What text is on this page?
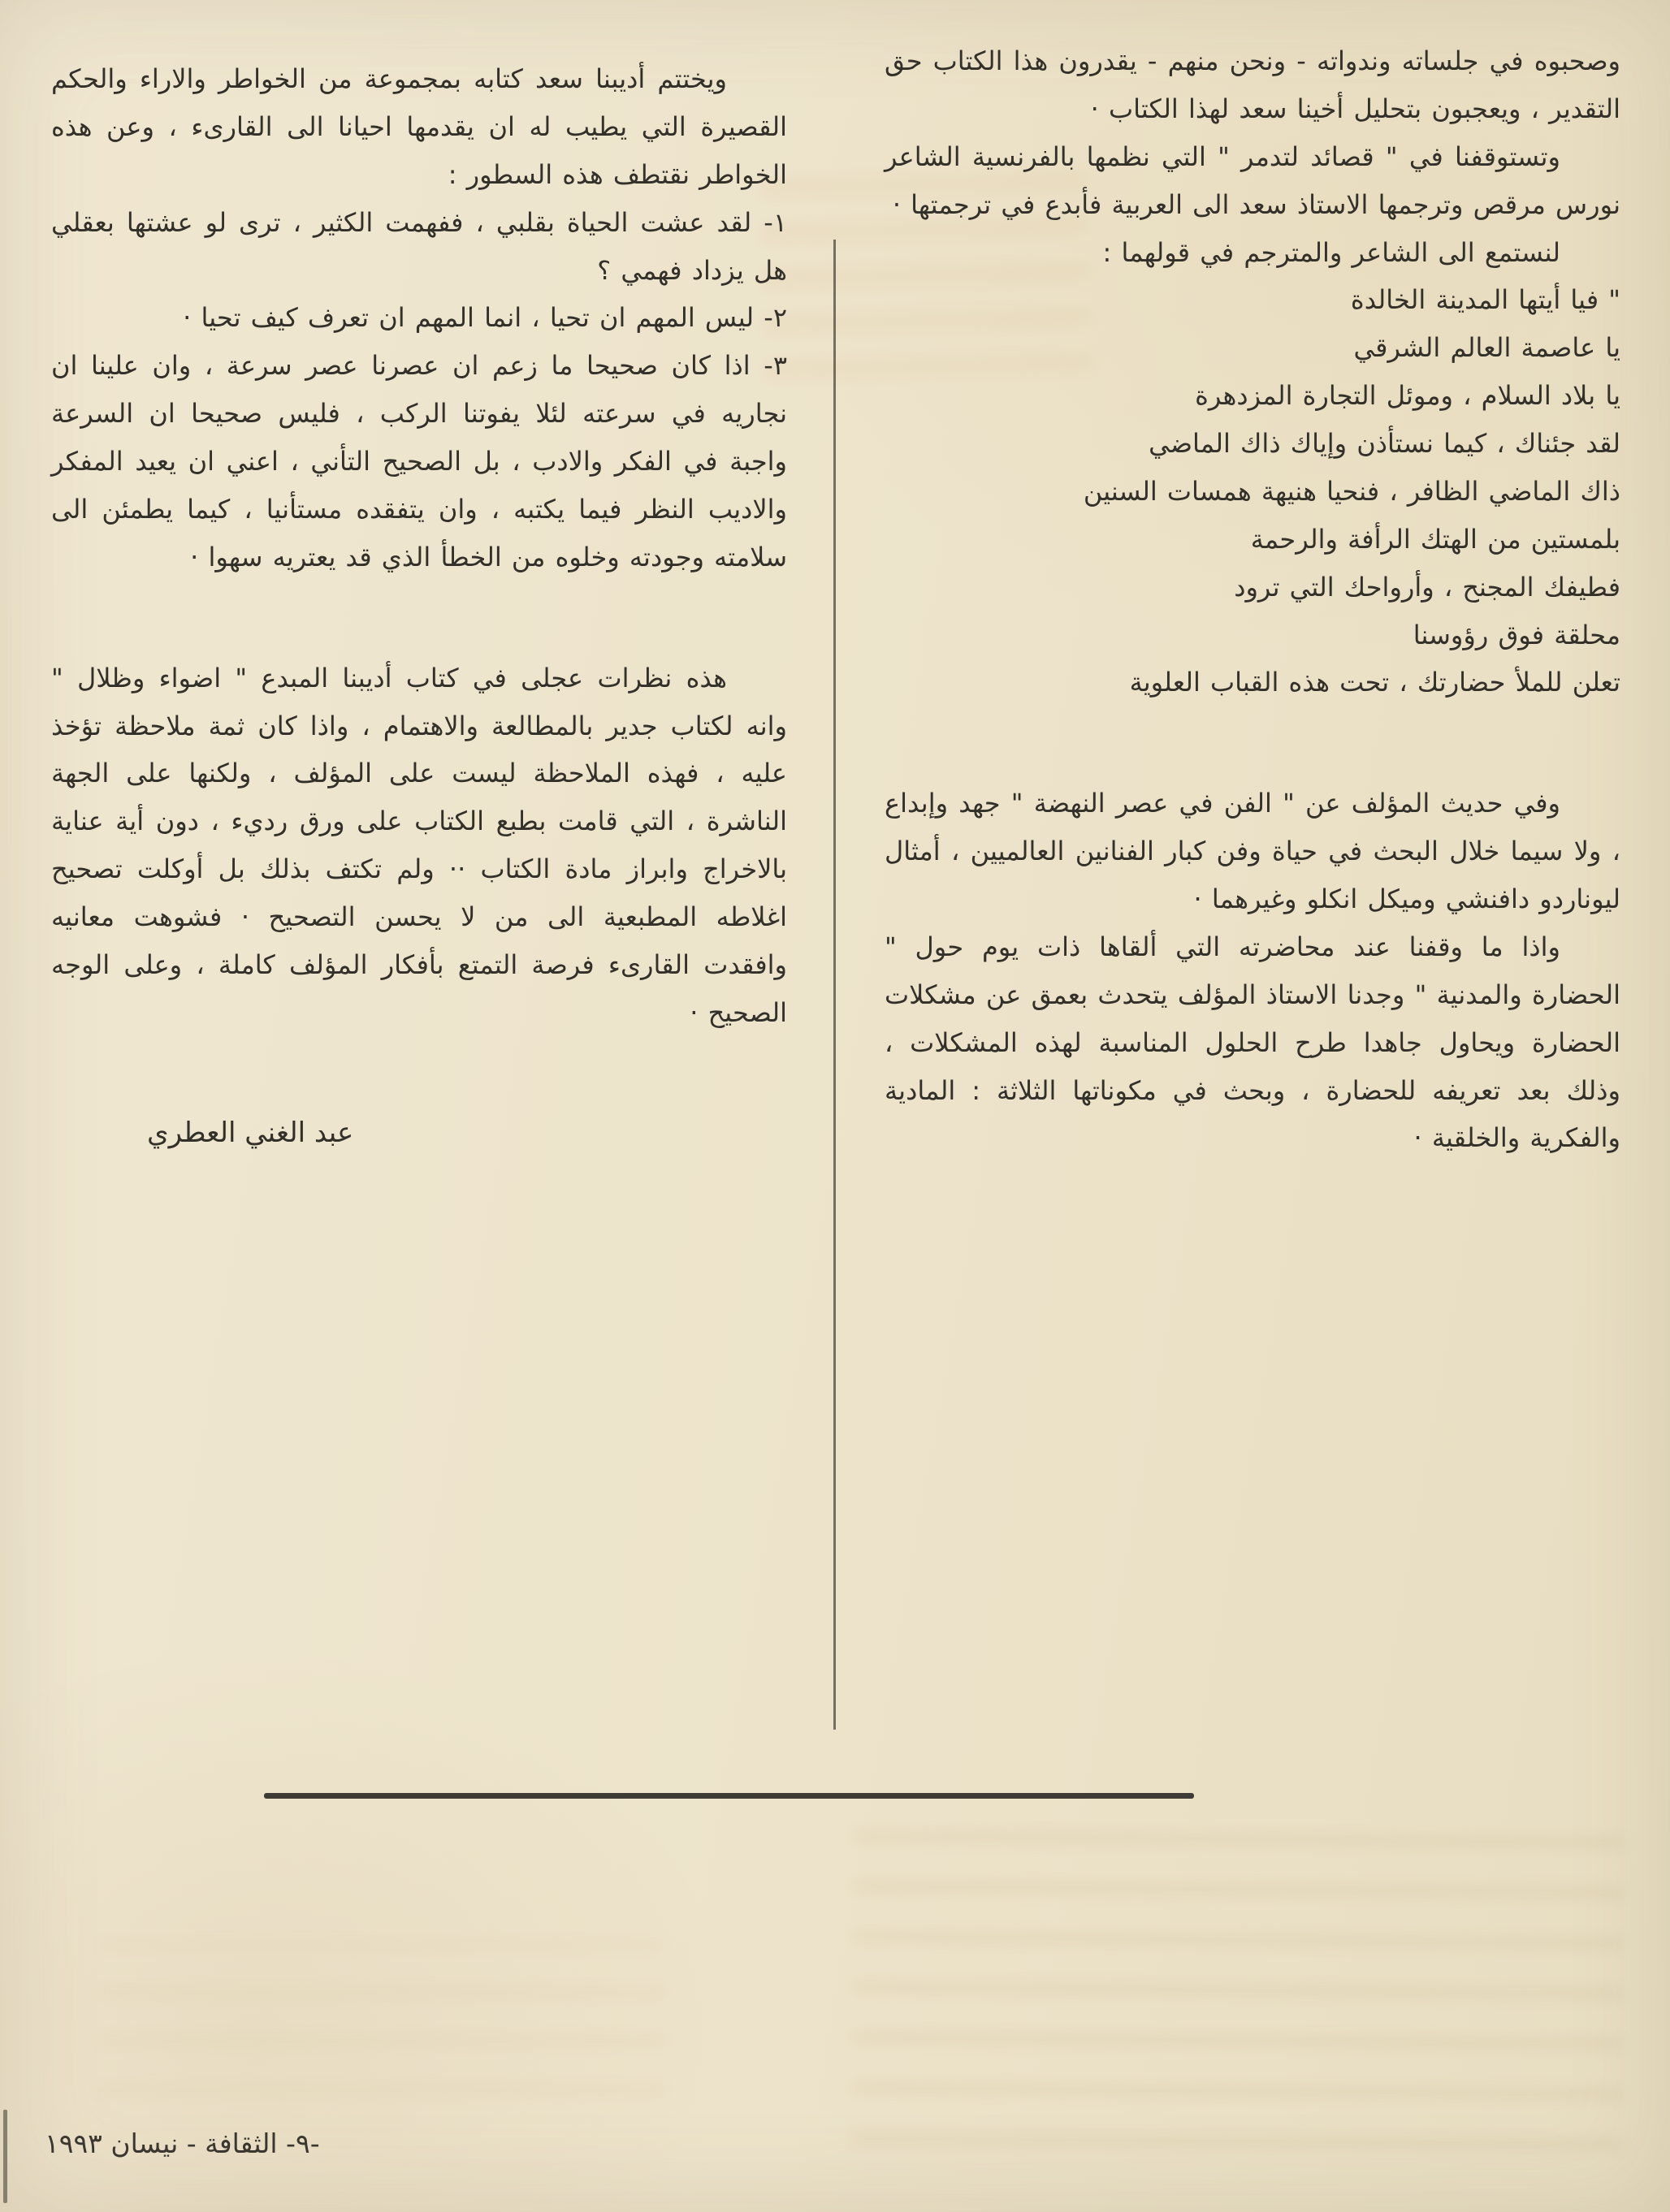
وصحبوه في جلساته وندواته - ونحن منهم - يقدرون هذا الكتاب حق التقدير ، ويعجبون بتحليل أخينا سعد لهذا الكتاب ·
وتستوقفنا في " قصائد لتدمر " التي نظمها بالفرنسية الشاعر نورس مرقص وترجمها الاستاذ سعد الى العربية فأبدع في ترجمتها ·
لنستمع الى الشاعر والمترجم في قولهما :
" فيا أيتها المدينة الخالدة
يا عاصمة العالم الشرقي
يا بلاد السلام ، وموئل التجارة المزدهرة
لقد جئناك ، كيما نستأذن وإياك ذاك الماضي
ذاك الماضي الظافر ، فنحيا هنيهة همسات السنين
بلمستين من الهتك الرأفة والرحمة
فطيفك المجنح ، وأرواحك التي ترود
محلقة فوق رؤوسنا
تعلن للملأ حضارتك ، تحت هذه القباب العلوية
وفي حديث المؤلف عن " الفن في عصر النهضة " جهد وإبداع ، ولا سيما خلال البحث في حياة وفن كبار الفنانين العالميين ، أمثال ليوناردو دافنشي وميكل انكلو وغيرهما ·
واذا ما وقفنا عند محاضرته التي ألقاها ذات يوم حول " الحضارة والمدنية " وجدنا الاستاذ المؤلف يتحدث بعمق عن مشكلات الحضارة ويحاول جاهدا طرح الحلول المناسبة لهذه المشكلات ، وذلك بعد تعريفه للحضارة ، وبحث في مكوناتها الثلاثة : المادية والفكرية والخلقية ·
ويختتم أديبنا سعد كتابه بمجموعة من الخواطر والاراء والحكم القصيرة التي يطيب له ان يقدمها احيانا الى القارىء ، وعن هذه الخواطر نقتطف هذه السطور :
١- لقد عشت الحياة بقلبي ، ففهمت الكثير ، ترى لو عشتها بعقلي هل يزداد فهمي ؟
٢- ليس المهم ان تحيا ، انما المهم ان تعرف كيف تحيا ·
٣- اذا كان صحيحا ما زعم ان عصرنا عصر سرعة ، وان علينا ان نجاريه في سرعته لئلا يفوتنا الركب ، فليس صحيحا ان السرعة واجبة في الفكر والادب ، بل الصحيح التأني ، اعني ان يعيد المفكر والاديب النظر فيما يكتبه ، وان يتفقده مستأنيا ، كيما يطمئن الى سلامته وجودته وخلوه من الخطأ الذي قد يعتريه سهوا ·
هذه نظرات عجلى في كتاب أديبنا المبدع " اضواء وظلال " وانه لكتاب جدير بالمطالعة والاهتمام ، واذا كان ثمة ملاحظة تؤخذ عليه ، فهذه الملاحظة ليست على المؤلف ، ولكنها على الجهة الناشرة ، التي قامت بطبع الكتاب على ورق رديء ، دون أية عناية بالاخراج وابراز مادة الكتاب ·· ولم تكتف بذلك بل أوكلت تصحيح اغلاطه المطبعية الى من لا يحسن التصحيح · فشوهت معانيه وافقدت القارىء فرصة التمتع بأفكار المؤلف كاملة ، وعلى الوجه الصحيح ·
عبد الغني العطري
-٩- الثقافة - نيسان ١٩٩٣
